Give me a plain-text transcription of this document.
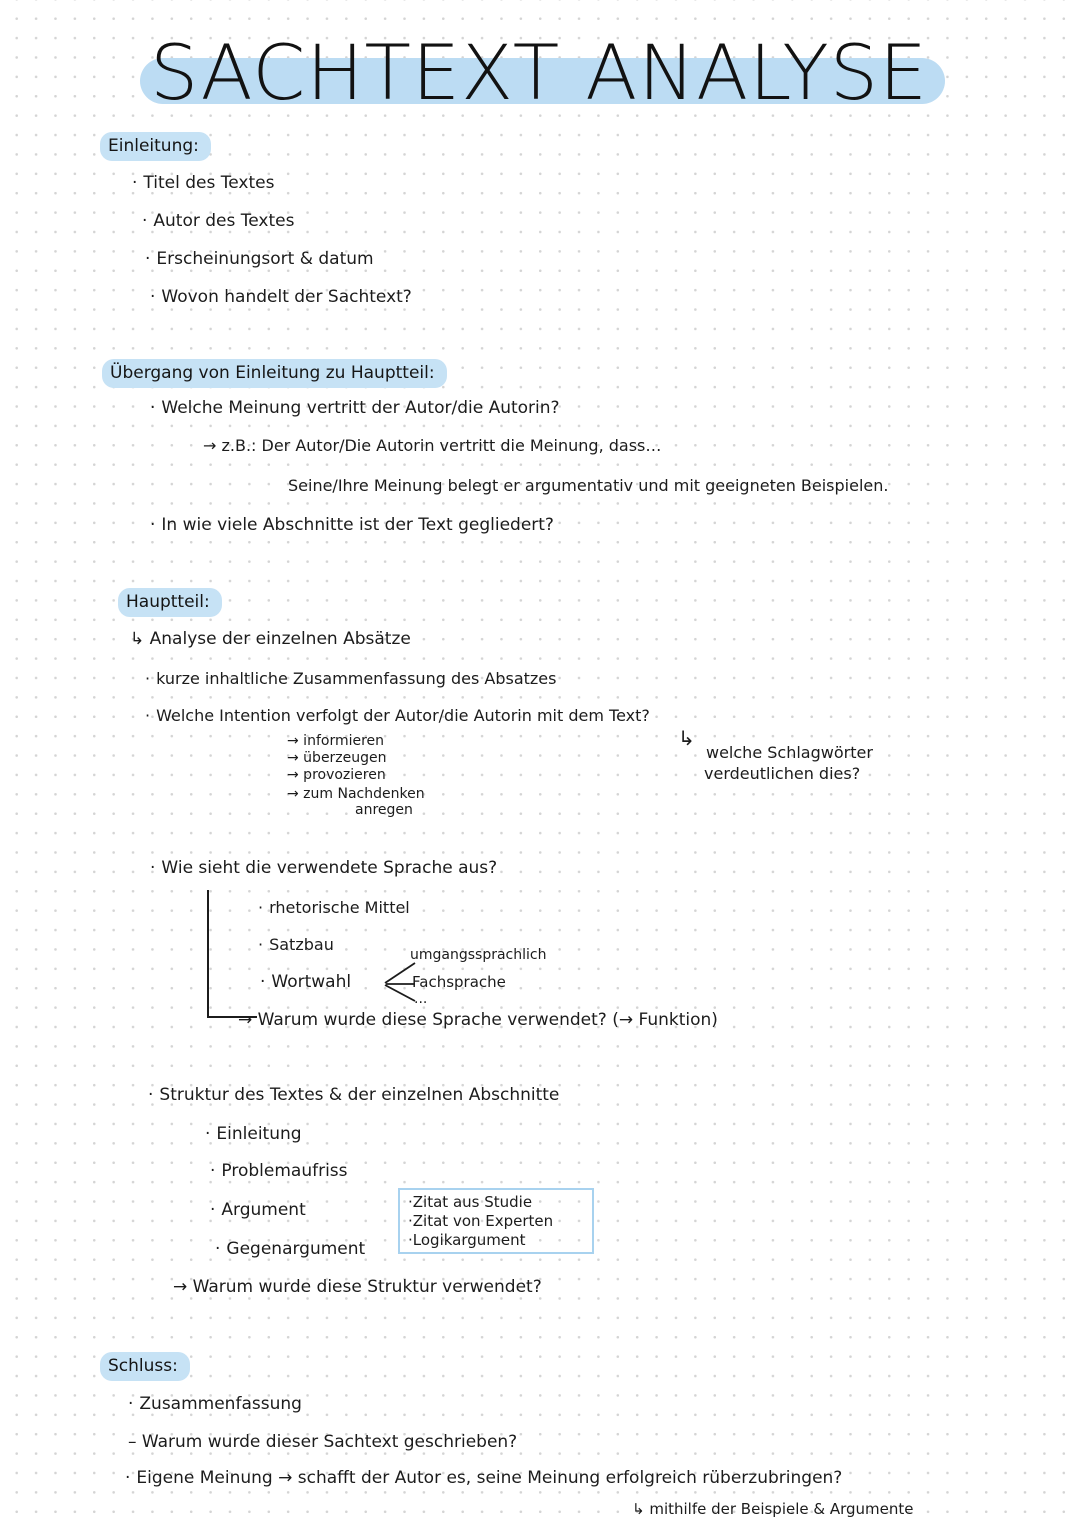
SACHTEXT ANALYSE
Einleitung:
· Titel des Textes
· Autor des Textes
· Erscheinungsort & datum
· Wovon handelt der Sachtext?
Übergang von Einleitung zu Hauptteil:
· Welche Meinung vertritt der Autor/die Autorin?
→ z.B.: Der Autor/Die Autorin vertritt die Meinung, dass…
Seine/Ihre Meinung belegt er argumentativ und mit geeigneten Beispielen.
· In wie viele Abschnitte ist der Text gegliedert?
Hauptteil:
↳ Analyse der einzelnen Absätze
· kurze inhaltliche Zusammenfassung des Absatzes
· Welche Intention verfolgt der Autor/die Autorin mit dem Text?
→ informieren
→ überzeugen
→ provozieren
→ zum Nachdenken
anregen
↳
welche Schlagwörter
verdeutlichen dies?
· Wie sieht die verwendete Sprache aus?
· rhetorische Mittel
· Satzbau
· Wortwahl
umgangssprachlich
Fachsprache
...
→ Warum wurde diese Sprache verwendet? (→ Funktion)
· Struktur des Textes & der einzelnen Abschnitte
· Einleitung
· Problemaufriss
· Argument
· Gegenargument
·Zitat aus Studie
·Zitat von Experten
·Logikargument
→ Warum wurde diese Struktur verwendet?
Schluss:
· Zusammenfassung
– Warum wurde dieser Sachtext geschrieben?
· Eigene Meinung → schafft der Autor es, seine Meinung erfolgreich rüberzubringen?
↳ mithilfe der Beispiele & Argumente
